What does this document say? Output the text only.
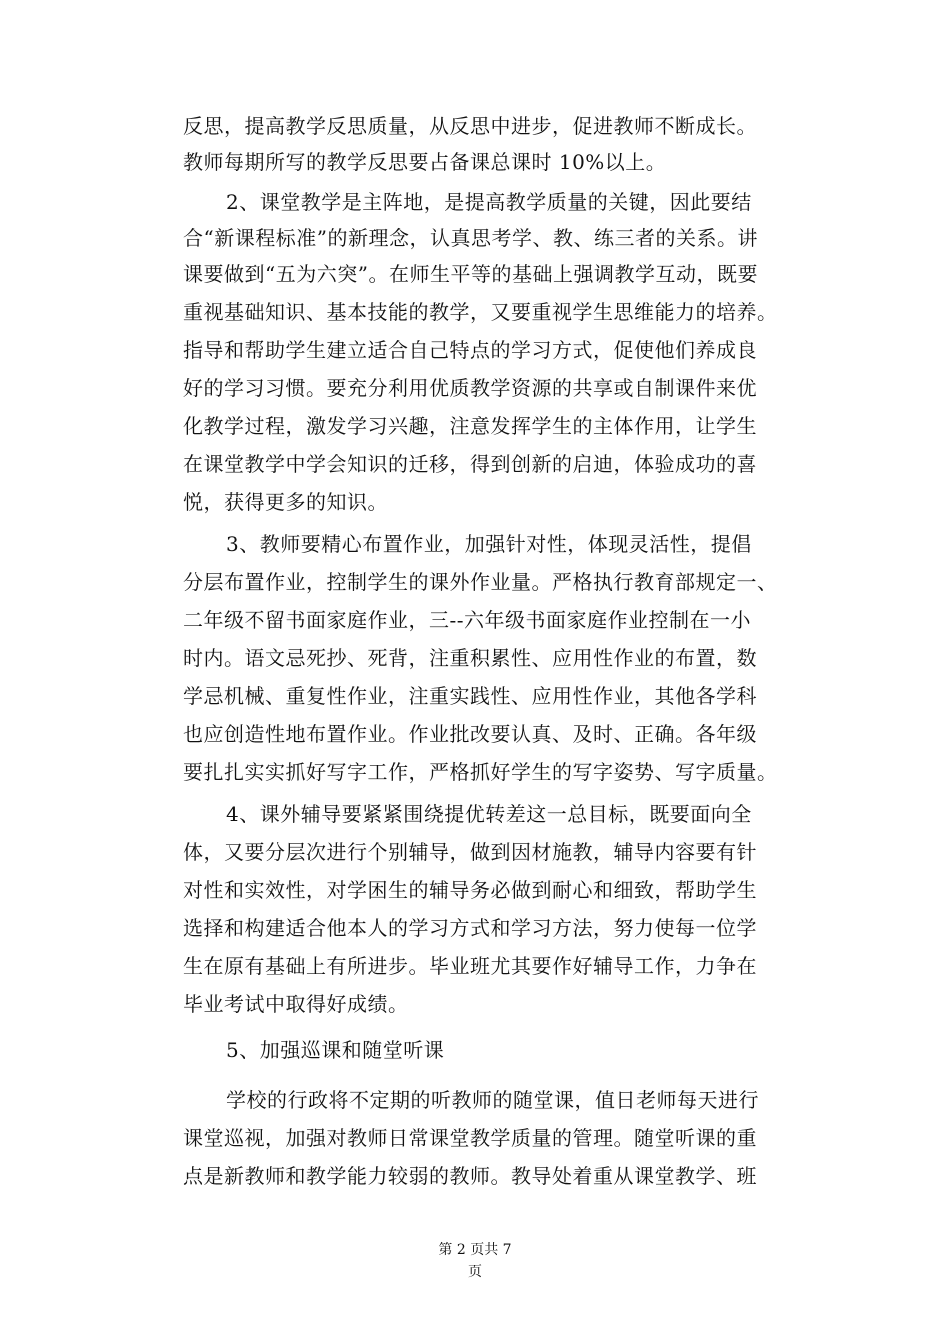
反思，提高教学反思质量，从反思中进步，促进教师不断成长。
教师每期所写的教学反思要占备课总课时 10%以上。
2、课堂教学是主阵地，是提高教学质量的关键，因此要结
合“新课程标准”的新理念，认真思考学、教、练三者的关系。讲
课要做到“五为六突”。在师生平等的基础上强调教学互动，既要
重视基础知识、基本技能的教学，又要重视学生思维能力的培养。
指导和帮助学生建立适合自己特点的学习方式，促使他们养成良
好的学习习惯。要充分利用优质教学资源的共享或自制课件来优
化教学过程，激发学习兴趣，注意发挥学生的主体作用，让学生
在课堂教学中学会知识的迁移，得到创新的启迪，体验成功的喜
悦，获得更多的知识。
3、教师要精心布置作业，加强针对性，体现灵活性，提倡
分层布置作业，控制学生的课外作业量。严格执行教育部规定一、
二年级不留书面家庭作业，三--六年级书面家庭作业控制在一小
时内。语文忌死抄、死背，注重积累性、应用性作业的布置，数
学忌机械、重复性作业，注重实践性、应用性作业，其他各学科
也应创造性地布置作业。作业批改要认真、及时、正确。各年级
要扎扎实实抓好写字工作，严格抓好学生的写字姿势、写字质量。
4、课外辅导要紧紧围绕提优转差这一总目标，既要面向全
体，又要分层次进行个别辅导，做到因材施教，辅导内容要有针
对性和实效性，对学困生的辅导务必做到耐心和细致，帮助学生
选择和构建适合他本人的学习方式和学习方法，努力使每一位学
生在原有基础上有所进步。毕业班尤其要作好辅导工作，力争在
毕业考试中取得好成绩。
5、加强巡课和随堂听课
学校的行政将不定期的听教师的随堂课，值日老师每天进行
课堂巡视，加强对教师日常课堂教学质量的管理。随堂听课的重
点是新教师和教学能力较弱的教师。教导处着重从课堂教学、班
第 2 页共 7
页
